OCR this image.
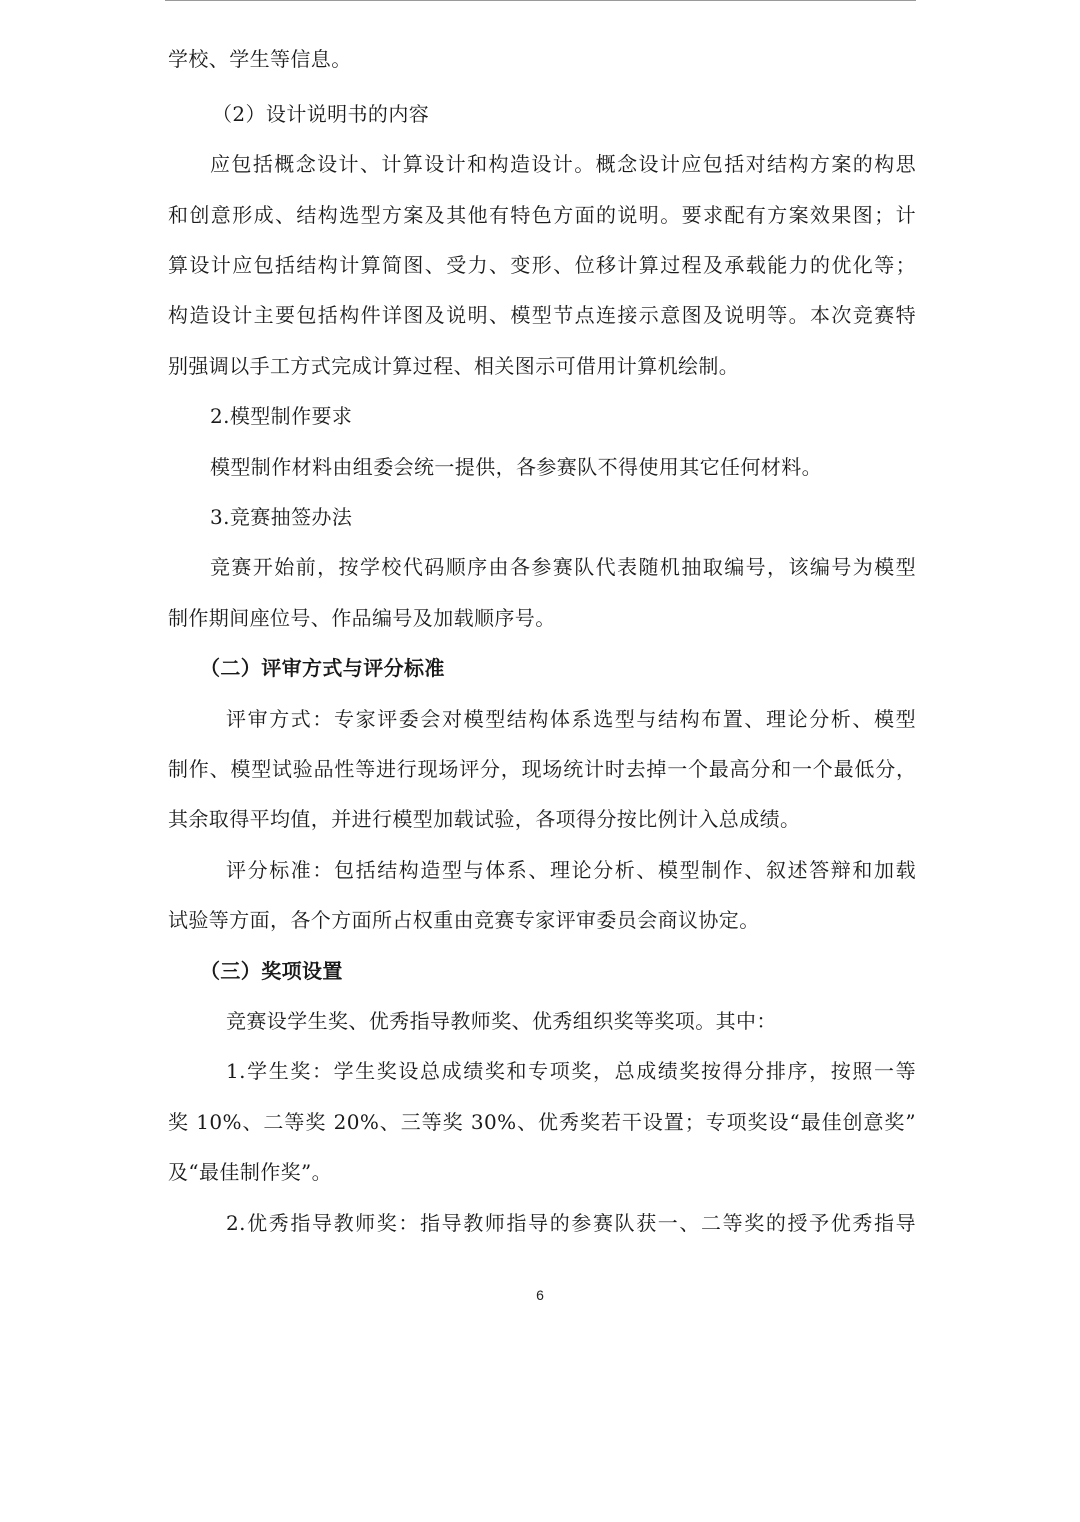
学校、学生等信息。
（2）设计说明书的内容
应包括概念设计、计算设计和构造设计。概念设计应包括对结构方案的构思
和创意形成、结构选型方案及其他有特色方面的说明。要求配有方案效果图；计
算设计应包括结构计算简图、受力、变形、位移计算过程及承载能力的优化等；
构造设计主要包括构件详图及说明、模型节点连接示意图及说明等。本次竞赛特
别强调以手工方式完成计算过程、相关图示可借用计算机绘制。
2.模型制作要求
模型制作材料由组委会统一提供，各参赛队不得使用其它任何材料。
3.竞赛抽签办法
竞赛开始前，按学校代码顺序由各参赛队代表随机抽取编号，该编号为模型
制作期间座位号、作品编号及加载顺序号。
（二）评审方式与评分标准
评审方式：专家评委会对模型结构体系选型与结构布置、理论分析、模型
制作、模型试验品性等进行现场评分，现场统计时去掉一个最高分和一个最低分，
其余取得平均值，并进行模型加载试验，各项得分按比例计入总成绩。
评分标准：包括结构造型与体系、理论分析、模型制作、叙述答辩和加载
试验等方面，各个方面所占权重由竞赛专家评审委员会商议协定。
（三）奖项设置
竞赛设学生奖、优秀指导教师奖、优秀组织奖等奖项。其中：
1.学生奖：学生奖设总成绩奖和专项奖，总成绩奖按得分排序，按照一等
奖 10%、二等奖 20%、三等奖 30%、优秀奖若干设置；专项奖设“最佳创意奖”
及“最佳制作奖”。
2.优秀指导教师奖：指导教师指导的参赛队获一、二等奖的授予优秀指导
6
